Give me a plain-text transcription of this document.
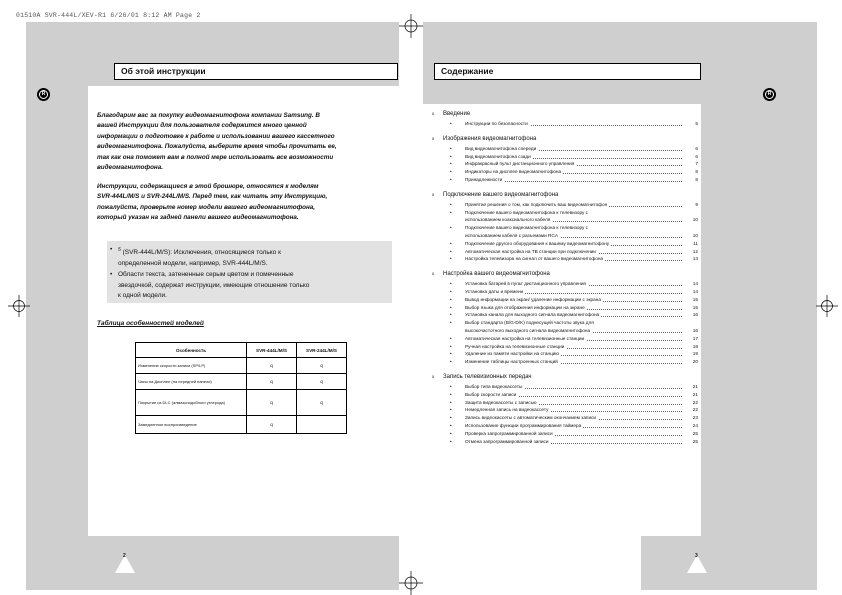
01510A SVR-444L/XEV-R1 6/26/01 8:12 AM Page 2
R
Об этой инструкции
Благодарим вас за покупку видеомагнитофона компании Samsung. В
вашей Инструкции для пользователя содержится много ценной
информации о подготовке к работе и использовании вашего кассетного
видеомагнитофона. Пожалуйста, выберите время чтобы прочитать ее,
так как она поможет вам в полной мере использовать все возможности
видеомагнитофона.
Инструкции, содержащиеся в этой брошюре, относятся к моделям
SVR-444L/M/S и SVR-244L/M/S. Перед тем, как читать эту Инструкцию,
пожалуйста, проверьте номер модели вашего видеомагнитофона,
который указан на задней панели вашего видеомагнитофона.
• $^5$ (SVR-444L/M/S): Исключения, относящиеся только к
определенной модели, например, SVR-444L/M/S.
• Области текста, затененные серым цветом и помеченные
звездочкой, содержат инструкции, имеющие отношение только
к одной модели.
Таблица особенностей моделей
Особенность	SVR-444L/M/S	SVR-244L/M/S
Изменение скорости записи (SP/LP)	q	q
Часы на Дисплее (на передней панели)	q	q
Покрытие из DLC (алмазоподобного углерода)	q	q
Замедленное воспроизведение	q	
2
R
Содержание
x Введение
•	Инструкции по безопасности	5
x Изображения видеомагнитофона
•	Вид видеомагнитофона спереди	6
•	Вид видеомагнитофона сзади	6
•	Инфракрасный пульт дистанционного управления	7
•	Индикаторы на дисплее видеомагнитофона	8
•	Принадлежности	8
x Подключение вашего видеомагнитофона
•	Принятие решения о том, как подключить ваш видеомагнитофон	9
•	Подключение вашего видеомагнитофона к телевизору с
использованием коаксиального кабеля	10
•	Подключение вашего видеомагнитофона к телевизору с
использованием кабеля с разъемами RCA	10
•	Подключение другого оборудования к вашему видеомагнитофону	11
•	Автоматическая настройка на ТВ станции при подключении	12
•	Настройка телевизора на сигнал от вашего видеомагнитофона	13
x Настройка вашего видеомагнитофона
•	Установка батарей в пульт дистанционного управления	14
•	Установка даты и времени	14
•	Вывод информации на экран/ удаление информации с экрана	15
•	Выбор языка для отображения информации на экране	15
•	Установка канала для выходного сигнала видеомагнитофона	16
•	Выбор стандарта (B/G-D/K) поднесущей частоты звука для
высокочастотного выходного сигнала видеомагнитофона	16
•	Автоматическая настройка на телевизионные станции	17
•	Ручная настройка на телевизионные станции	18
•	Удаление из памяти настройки на станцию	19
•	Изменение таблицы настроенных станций	20
x Запись телевизионных передач
•	Выбор типа видеокассеты	21
•	Выбор скорости записи	21
•	Защита видеокассеты с записью	22
•	Немедленная запись на видеокассету	22
•	Запись видеокассеты с автоматическим окончанием записи	23
•	Использование функции программирования таймера	24
•	Проверка запрограммированной записи	25
•	Отмена запрограммированной записи	25
3
